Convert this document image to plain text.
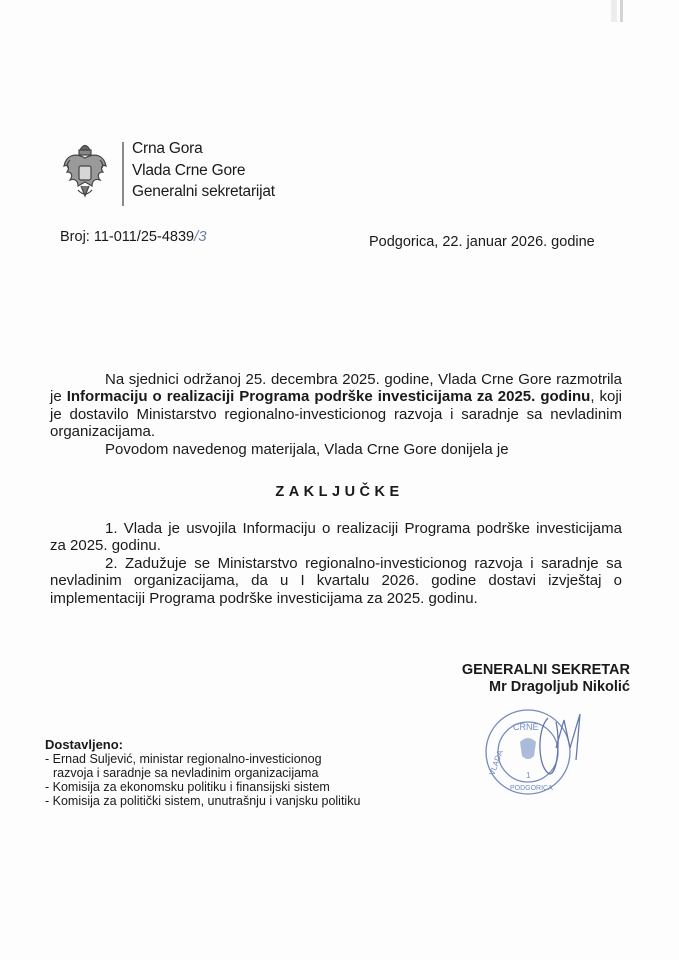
Crna Gora
Vlada Crne Gore
Generalni sekretarijat
Broj: 11-011/25-4839/3	Podgorica, 22. januar 2026. godine

Na sjednici održanoj 25. decembra 2025. godine, Vlada Crne Gore razmotrila je Informaciju o realizaciji Programa podrške investicijama za 2025. godinu, koji je dostavilo Ministarstvo regionalno-investicionog razvoja i saradnje sa nevladinim organizacijama.

Povodom navedenog materijala, Vlada Crne Gore donijela je

ZAKLJUČKE

1. Vlada je usvojila Informaciju o realizaciji Programa podrške investicijama za 2025. godinu.

2. Zadužuje se Ministarstvo regionalno-investicionog razvoja i saradnje sa nevladinim organizacijama, da u I kvartalu 2026. godine dostavi izvještaj o implementaciji Programa podrške investicijama za 2025. godinu.

GENERALNI SEKRETAR
Mr Dragoljub Nikolić
CRNE
VLADA	1
PODGORICA
Dostavljeno:
- Ernad Suljević, ministar regionalno-investicionog
razvoja i saradnje sa nevladinim organizacijama
- Komisija za ekonomsku politiku i finansijski sistem
- Komisija za politički sistem, unutrašnju i vanjsku politiku
